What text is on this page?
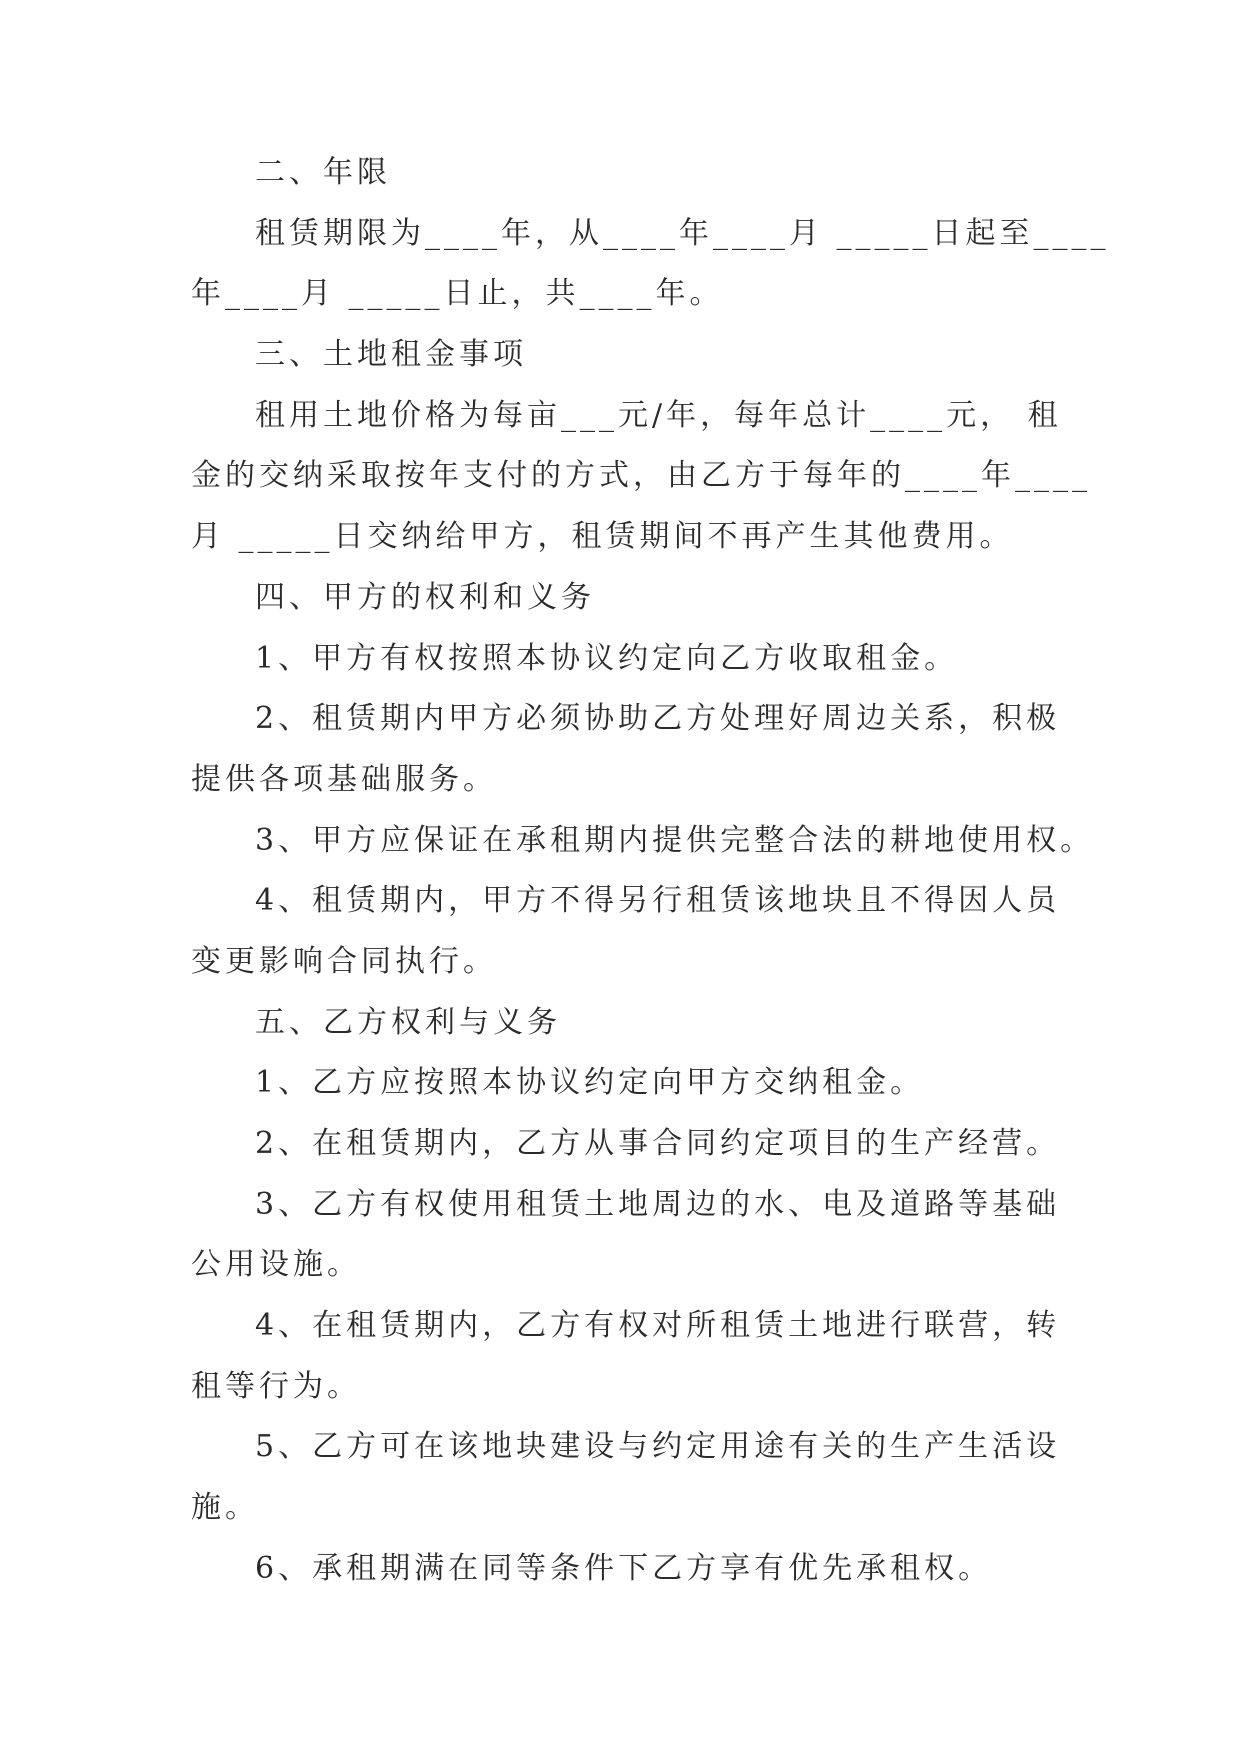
二、年限
租赁期限为____年，从____年____月 _____日起至____
年____月 _____日止，共____年。
三、土地租金事项
租用土地价格为每亩___元/年，每年总计____元， 租
金的交纳采取按年支付的方式，由乙方于每年的____年____
月 _____日交纳给甲方，租赁期间不再产生其他费用。
四、甲方的权利和义务
1、甲方有权按照本协议约定向乙方收取租金。
2、租赁期内甲方必须协助乙方处理好周边关系，积极
提供各项基础服务。
3、甲方应保证在承租期内提供完整合法的耕地使用权。
4、租赁期内，甲方不得另行租赁该地块且不得因人员
变更影响合同执行。
五、乙方权利与义务
1、乙方应按照本协议约定向甲方交纳租金。
2、在租赁期内，乙方从事合同约定项目的生产经营。
3、乙方有权使用租赁土地周边的水、电及道路等基础
公用设施。
4、在租赁期内，乙方有权对所租赁土地进行联营，转
租等行为。
5、乙方可在该地块建设与约定用途有关的生产生活设
施。
6、承租期满在同等条件下乙方享有优先承租权。
